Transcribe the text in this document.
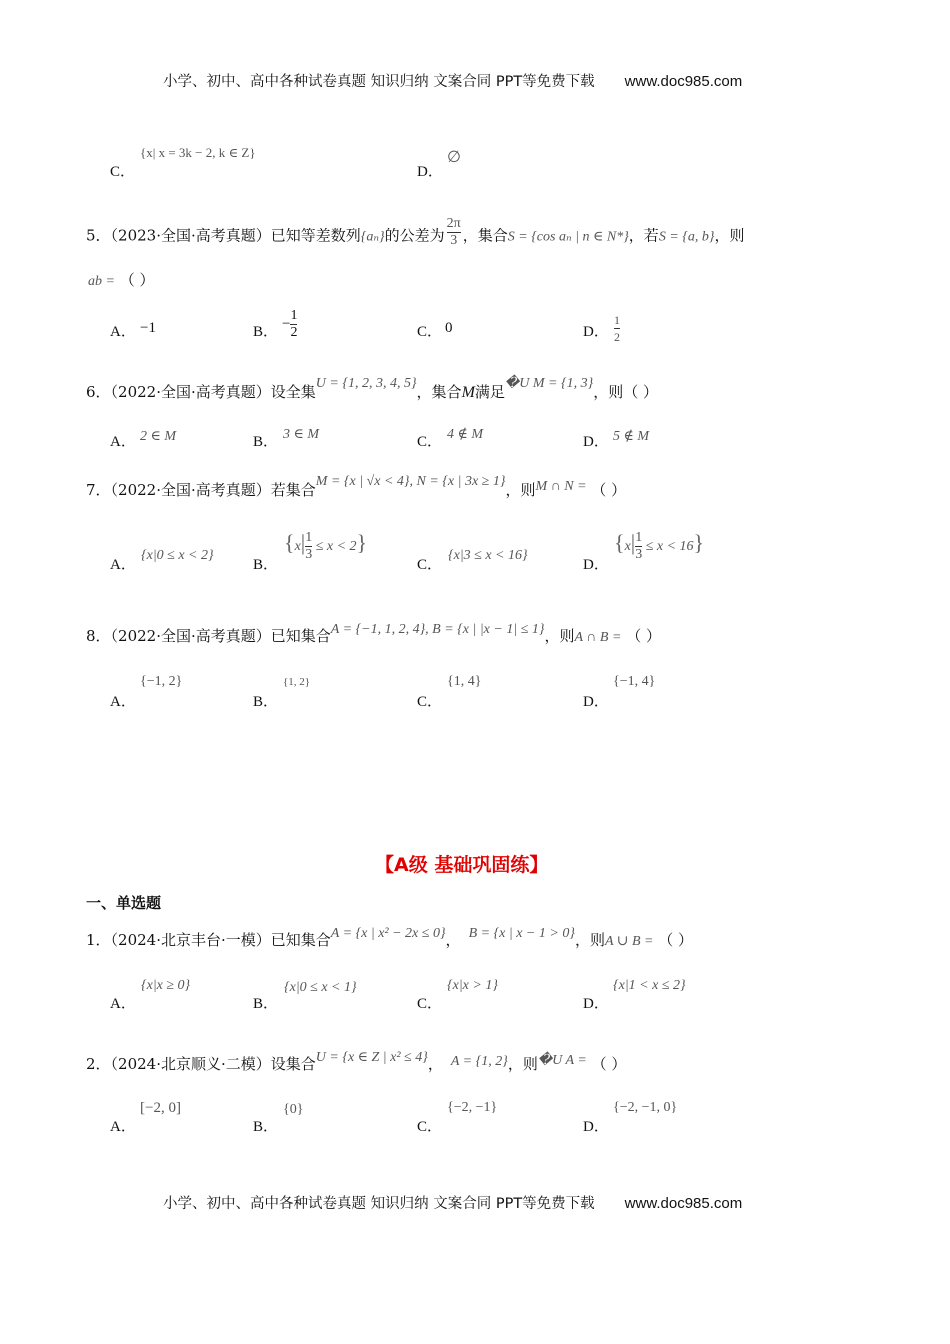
小学、初中、高中各种试卷真题 知识归纳 文案合同 PPT等免费下载 www.doc985.com
C．
{x| x = 3k − 2, k ∈ Z}
D．
∅
5．（2023·全国·高考真题）已知等差数列{aₙ}的公差为 $\frac{2\pi}{3}$ ，集合S = {cos aₙ | n ∈ N*}，若S = {a, b}，则
ab = （ ）
A． −1	B．
− $\frac{1}{2}$	C． 0	D． $\frac{1}{2}$
6．（2022·全国·高考真题）设全集U = {1, 2, 3, 4, 5}，集合M满足�U M = {1, 3}，则（ ）
A． 2 ∈ M	B． 3 ∈ M	C． 4 ∉ M	D． 5 ∉ M
7．（2022·全国·高考真题）若集合M = {x | √x < 4}, N = {x | 3x ≥ 1}，则M ∩ N = （ ）
A．
{x|0 ≤ x < 2}
B．
$\{x| \frac{1}{3} \le x < 2\}$
C．
{x|3 ≤ x < 16}
D．
$\{x| \frac{1}{3} \le x < 16\}$
8．（2022·全国·高考真题）已知集合A = {−1, 1, 2, 4}, B = {x | |x − 1| ≤ 1}，则A ∩ B = （ ）
A．
{−1, 2}
B．
{1, 2}
C．
{1, 4}
D．
{−1, 4}
【A级 基础巩固练】
一、单选题
1．（2024·北京丰台·一模）已知集合A = {x | x² − 2x ≤ 0}， B = {x | x − 1 > 0}，则A ∪ B = （ ）
A．
{x|x ≥ 0}
B．
{x|0 ≤ x < 1}
C．
{x|x > 1}
D．
{x|1 < x ≤ 2}
2．（2024·北京顺义·二模）设集合U = {x ∈ Z | x² ≤ 4}， A = {1, 2}，则�U A = （ ）
A．
[−2, 0]
B．
{0}
C．
{−2, −1}
D．
{−2, −1, 0}
小学、初中、高中各种试卷真题 知识归纳 文案合同 PPT等免费下载 www.doc985.com
